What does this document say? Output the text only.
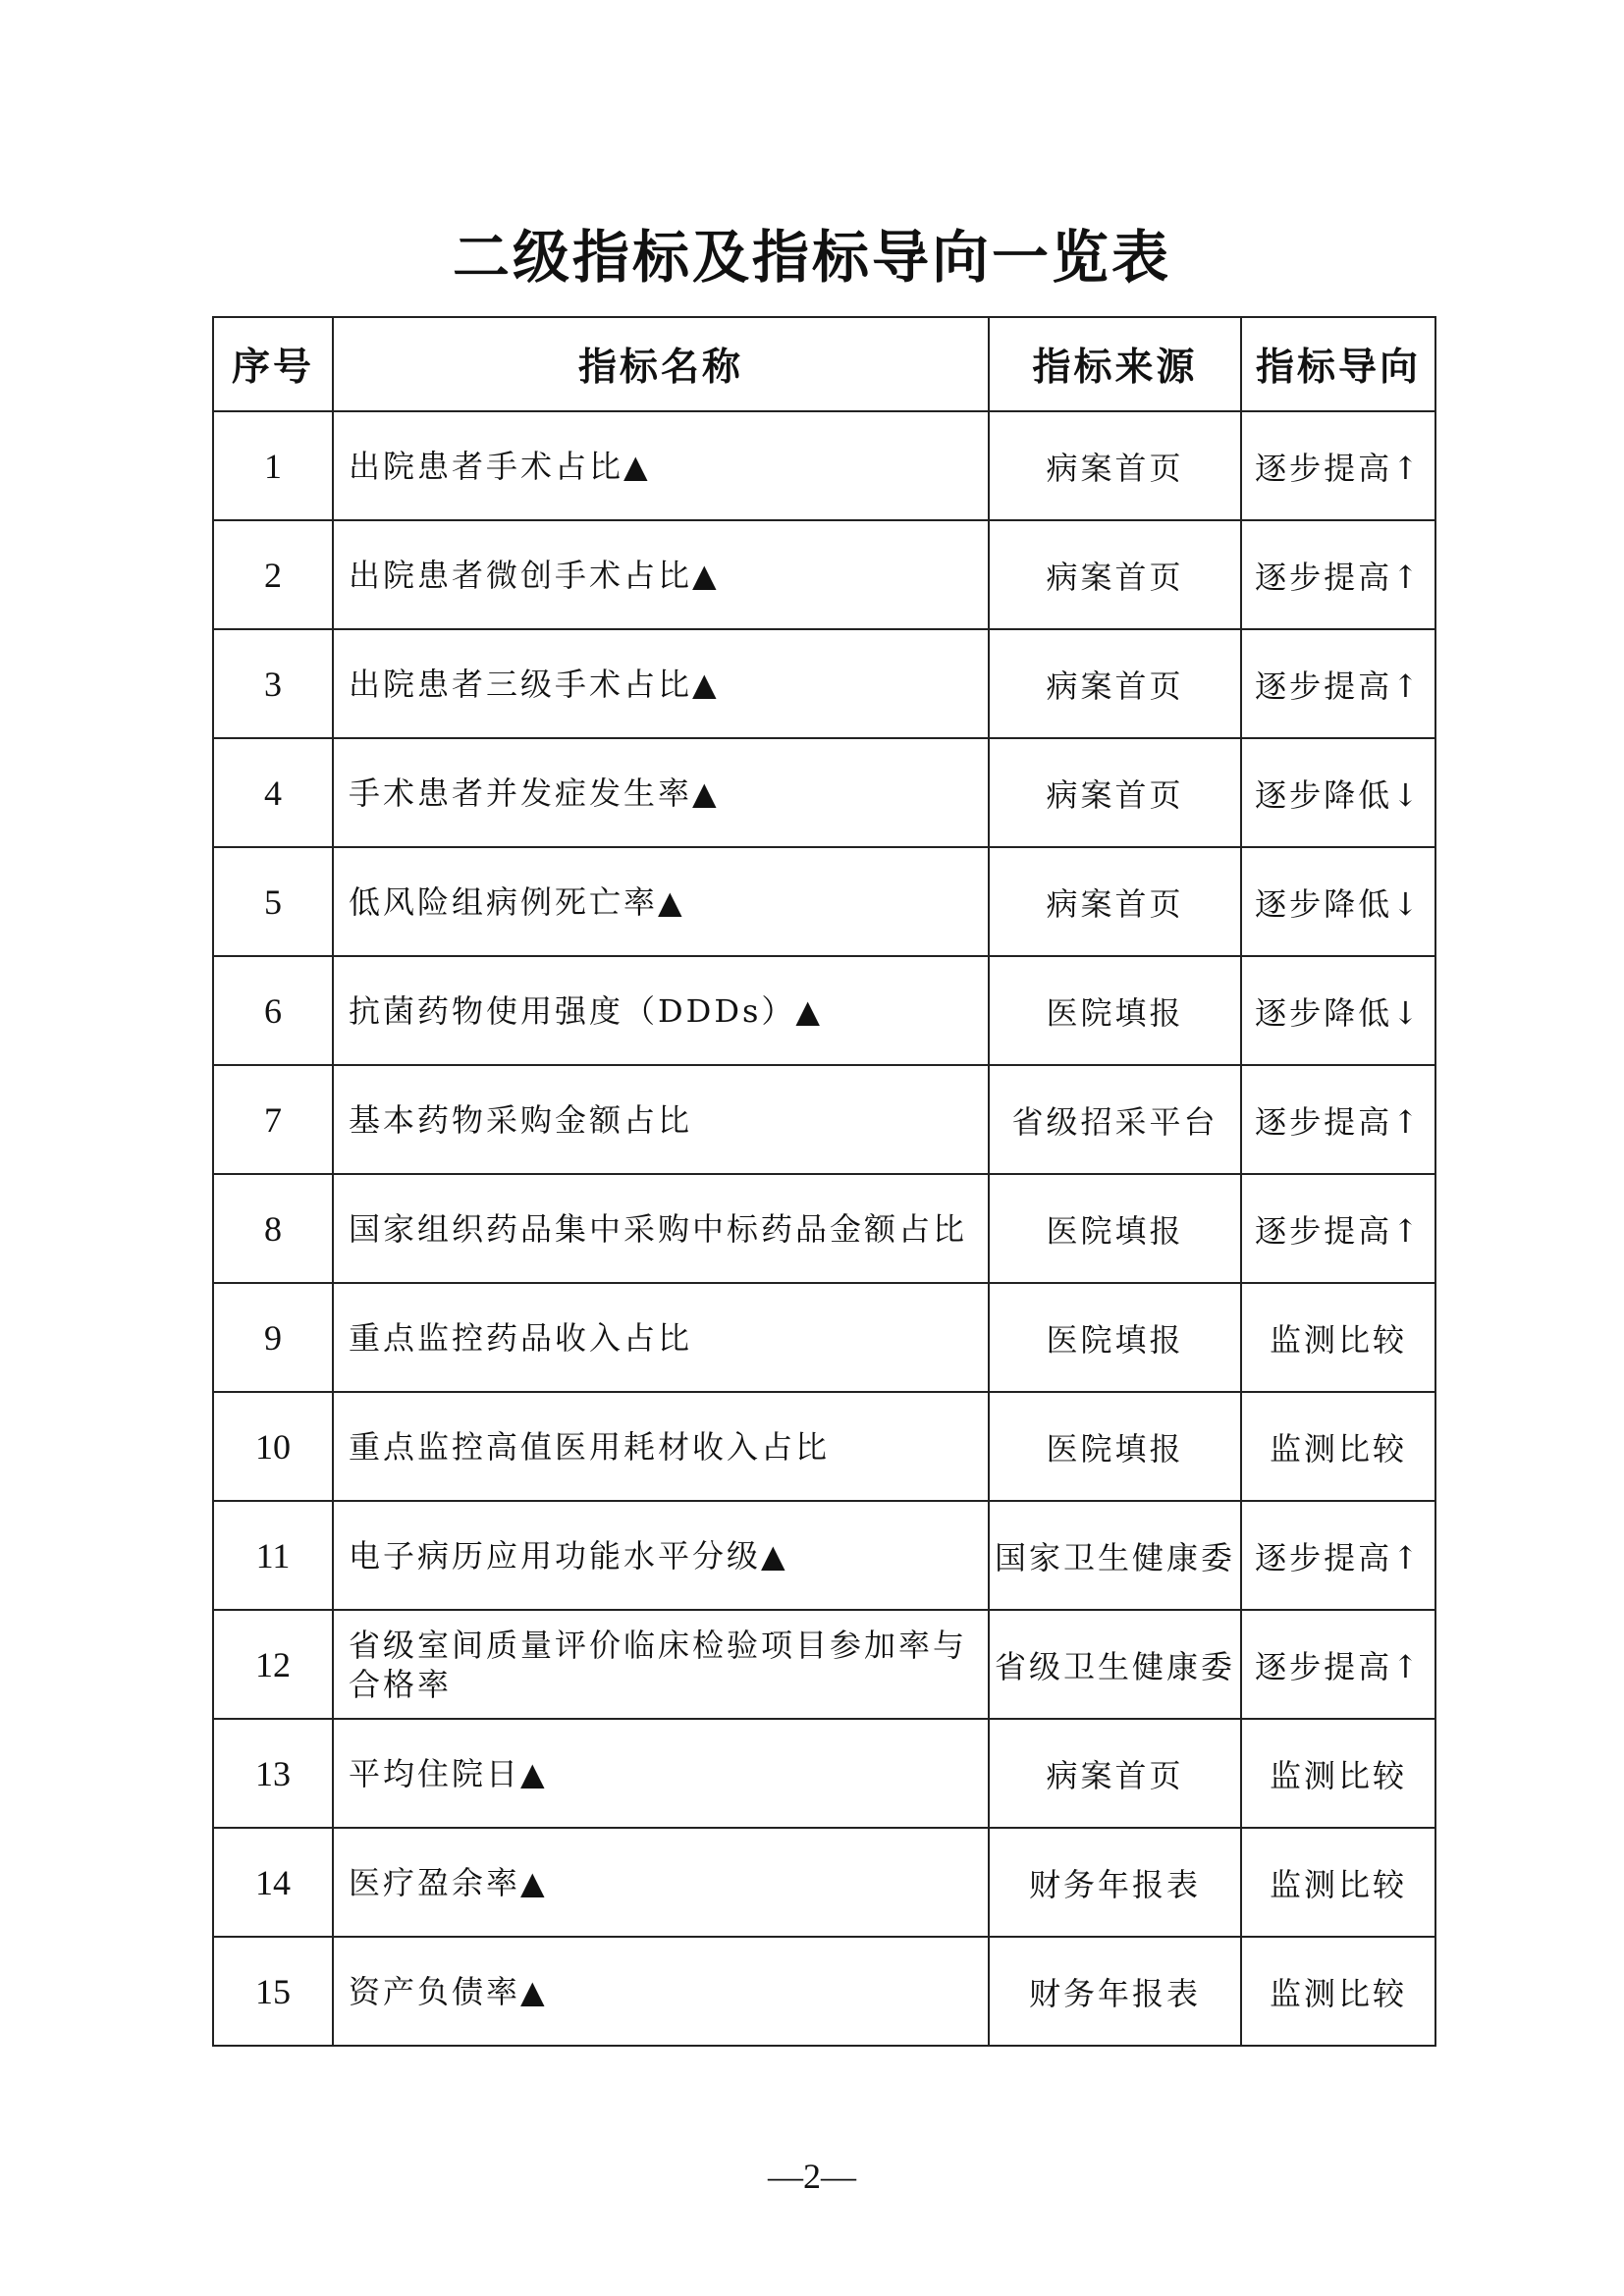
二级指标及指标导向一览表
序号	指标名称	指标来源	指标导向
1	出院患者手术占比▲	病案首页	逐步提高↑
2	出院患者微创手术占比▲	病案首页	逐步提高↑
3	出院患者三级手术占比▲	病案首页	逐步提高↑
4	手术患者并发症发生率▲	病案首页	逐步降低↓
5	低风险组病例死亡率▲	病案首页	逐步降低↓
6	抗菌药物使用强度（DDDs）▲	医院填报	逐步降低↓
7	基本药物采购金额占比	省级招采平台	逐步提高↑
8	国家组织药品集中采购中标药品金额占比	医院填报	逐步提高↑
9	重点监控药品收入占比	医院填报	监测比较
10	重点监控高值医用耗材收入占比	医院填报	监测比较
11	电子病历应用功能水平分级▲	国家卫生健康委	逐步提高↑
12	省级室间质量评价临床检验项目参加率与合格率	省级卫生健康委	逐步提高↑
13	平均住院日▲	病案首页	监测比较
14	医疗盈余率▲	财务年报表	监测比较
15	资产负债率▲	财务年报表	监测比较
—2—
